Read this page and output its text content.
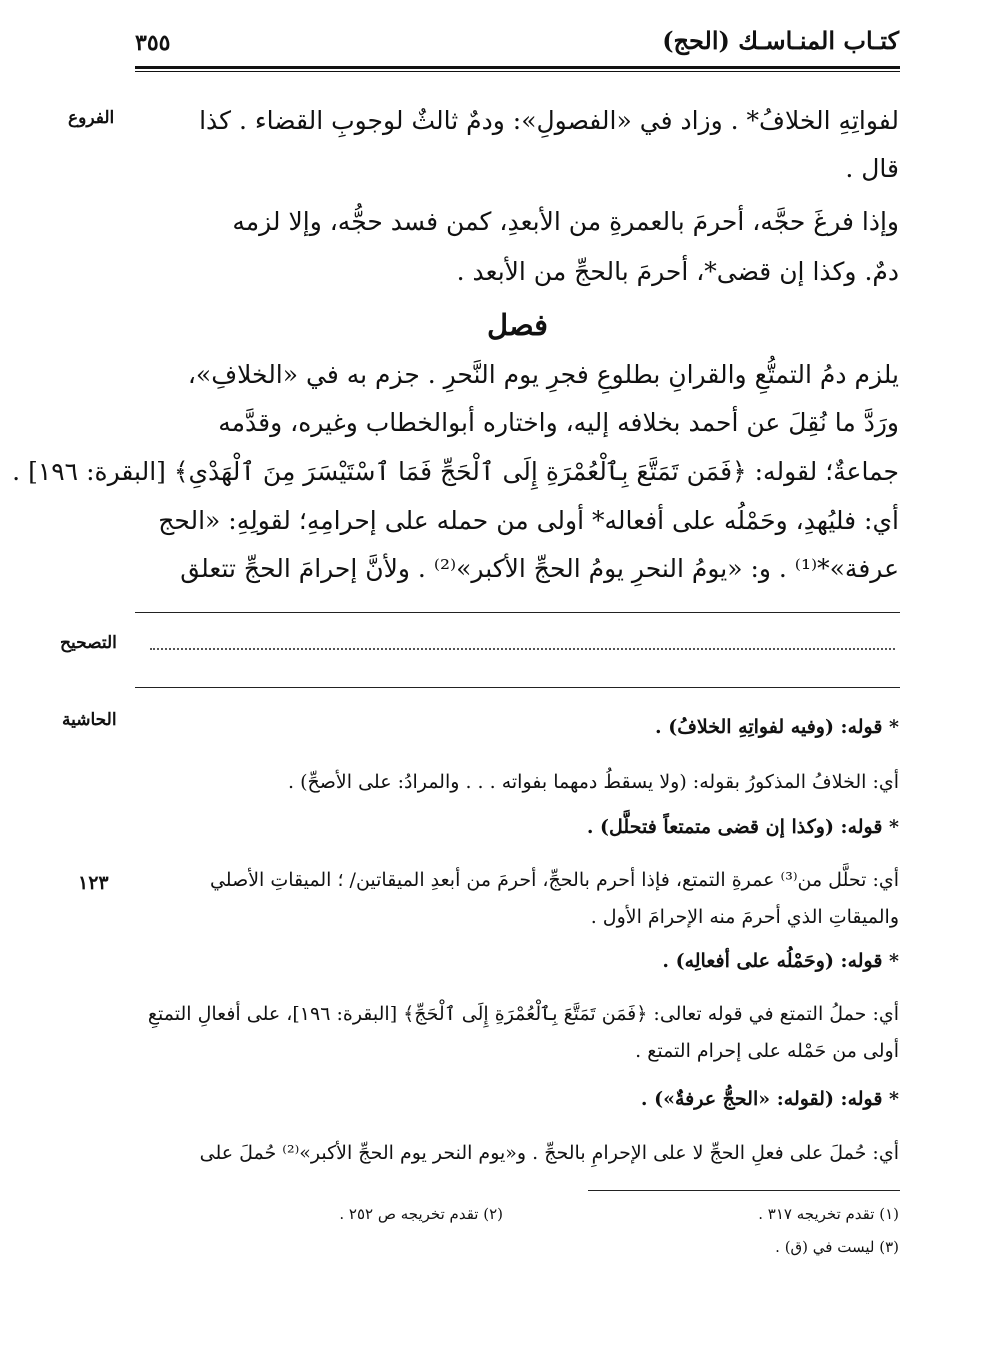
كتـاب المنـاسـك (الحج)
٣٥٥
الفروع
التصحيح
الحاشية
١٢٣
لفواتِهِ الخلافُ* . وزاد في «الفصولِ»: ودمٌ ثالثٌ لوجوبِ القضاء . كذا
قال .
وإذا فرغَ حجَّه، أحرمَ بالعمرةِ من الأبعدِ، كمن فسد حجُّه، وإلا لزمه
دمٌ. وكذا إن قضى*، أحرمَ بالحجِّ من الأبعد .
فصل
يلزم دمُ التمتُّعِ والقرانِ بطلوعِ فجرِ يوم النَّحرِ . جزم به في «الخلافِ»،
ورَدَّ ما نُقِلَ عن أحمد بخلافه إليه، واختاره أبوالخطاب وغيره، وقدَّمه
جماعةٌ؛ لقوله: ﴿فَمَن تَمَتَّعَ بِٱلْعُمْرَةِ إِلَى ٱلْحَجِّ فَمَا ٱسْتَيْسَرَ مِنَ ٱلْهَدْىِ﴾ [البقرة: ١٩٦] .
أي: فليُهدِ، وحَمْلُه على أفعاله* أولى من حمله على إحرامِهِ؛ لقولِهِ: «الحج
عرفة»*⁽¹⁾ . و: «يومُ النحرِ يومُ الحجِّ الأكبر»⁽²⁾ . ولأنَّ إحرامَ الحجِّ تتعلق
* قوله: (وفيه لفواتِهِ الخلافُ) .
أي: الخلافُ المذكورُ بقوله: (ولا يسقطُ دمهما بفواته . . . والمرادُ: على الأصحِّ) .
* قوله: (وكذا إن قضى متمتعاً فتحلَّل) .
أي: تحلَّل من⁽³⁾ عمرةِ التمتع، فإذا أحرم بالحجِّ، أحرمَ من أبعدِ الميقاتين/ ؛ الميقاتِ الأصلي
والميقاتِ الذي أحرمَ منه الإحرامَ الأول .
* قوله: (وحَمْلُه على أفعالِه) .
أي: حملُ التمتع في قوله تعالى: ﴿فَمَن تَمَتَّعَ بِٱلْعُمْرَةِ إِلَى ٱلْحَجِّ﴾ [البقرة: ١٩٦]، على أفعالِ التمتعِ
أولى من حَمْله على إحرام التمتع .
* قوله: (لقوله: «الحجُّ عرفةٌ») .
أي: حُملَ على فعلِ الحجِّ لا على الإحرامِ بالحجِّ . و«يوم النحر يوم الحجِّ الأكبر»⁽²⁾ حُملَ على
(١) تقدم تخريجه ٣١٧ .
(٢) تقدم تخريجه ص ٢٥٢ .
(٣) ليست في (ق) .
